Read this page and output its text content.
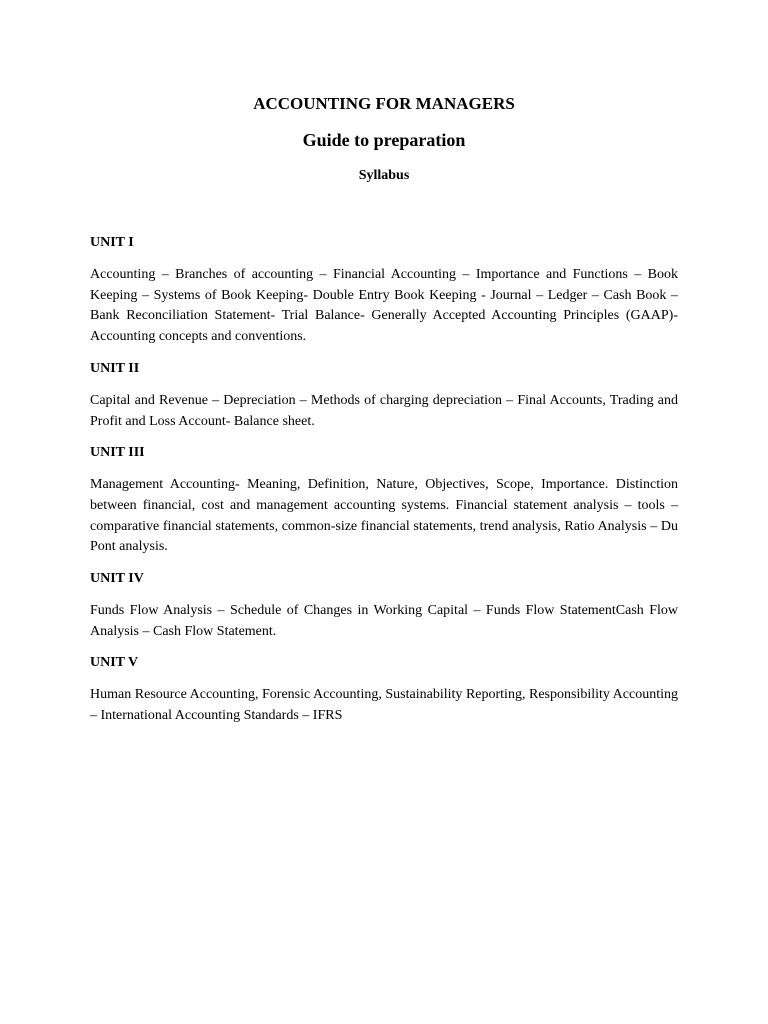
ACCOUNTING FOR MANAGERS
Guide to preparation
Syllabus

UNIT I

Accounting – Branches of accounting – Financial Accounting – Importance and Functions – Book Keeping – Systems of Book Keeping- Double Entry Book Keeping - Journal – Ledger – Cash Book – Bank Reconciliation Statement- Trial Balance- Generally Accepted Accounting Principles (GAAP)- Accounting concepts and conventions.

UNIT II

Capital and Revenue – Depreciation – Methods of charging depreciation – Final Accounts, Trading and Profit and Loss Account- Balance sheet.

UNIT III

Management Accounting- Meaning, Definition, Nature, Objectives, Scope, Importance. Distinction between financial, cost and management accounting systems. Financial statement analysis – tools – comparative financial statements, common-size financial statements, trend analysis, Ratio Analysis – Du Pont analysis.

UNIT IV

Funds Flow Analysis – Schedule of Changes in Working Capital – Funds Flow StatementCash Flow Analysis – Cash Flow Statement.

UNIT V

Human Resource Accounting, Forensic Accounting, Sustainability Reporting, Responsibility Accounting – International Accounting Standards – IFRS
